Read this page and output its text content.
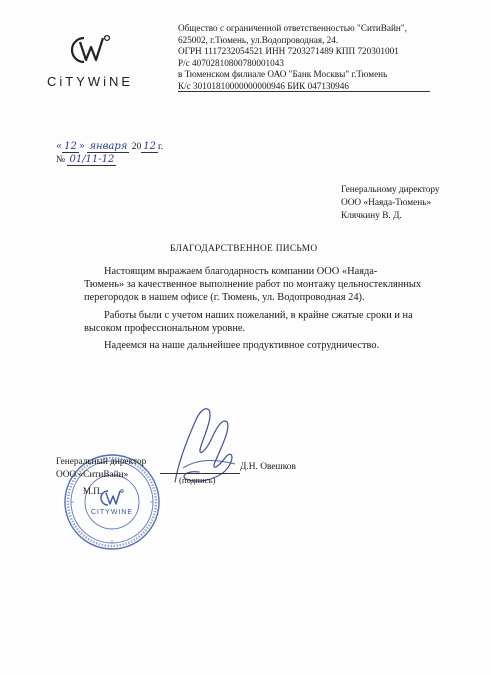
CiTYWiNE
Общество с ограниченной ответственностью "СитиВайн",
625002, г.Тюмень, ул.Водопроводная, 24.
ОГРН 1117232054521 ИНН 7203271489 КПП 720301001
Р/с 40702810800780001043
в Тюменском филиале ОАО "Банк Москвы" г.Тюмень
К/с 30101810000000000946 БИК 047130946
« 12 » января 20 12 г.
№ 01/11-12
Генеральному директору
ООО «Наяда-Тюмень»
Клячкину В. Д.
БЛАГОДАРСТВЕННОЕ ПИСЬМО
Настоящим выражаем благодарность компании ООО «Наяда-
Тюмень» за качественное выполнение работ по монтажу цельностеклянных
перегородок в нашем офисе (г. Тюмень, ул. Водопроводная 24).
Работы были с учетом наших пожеланий, в крайне сжатые сроки и на
высоком профессиональном уровне.
Надеемся на наше дальнейшее продуктивное сотрудничество.
CITYWINE
Генеральный директор
ООО «СитиВайн»
Д.Н. Овешков
(подпись)
М.П.
